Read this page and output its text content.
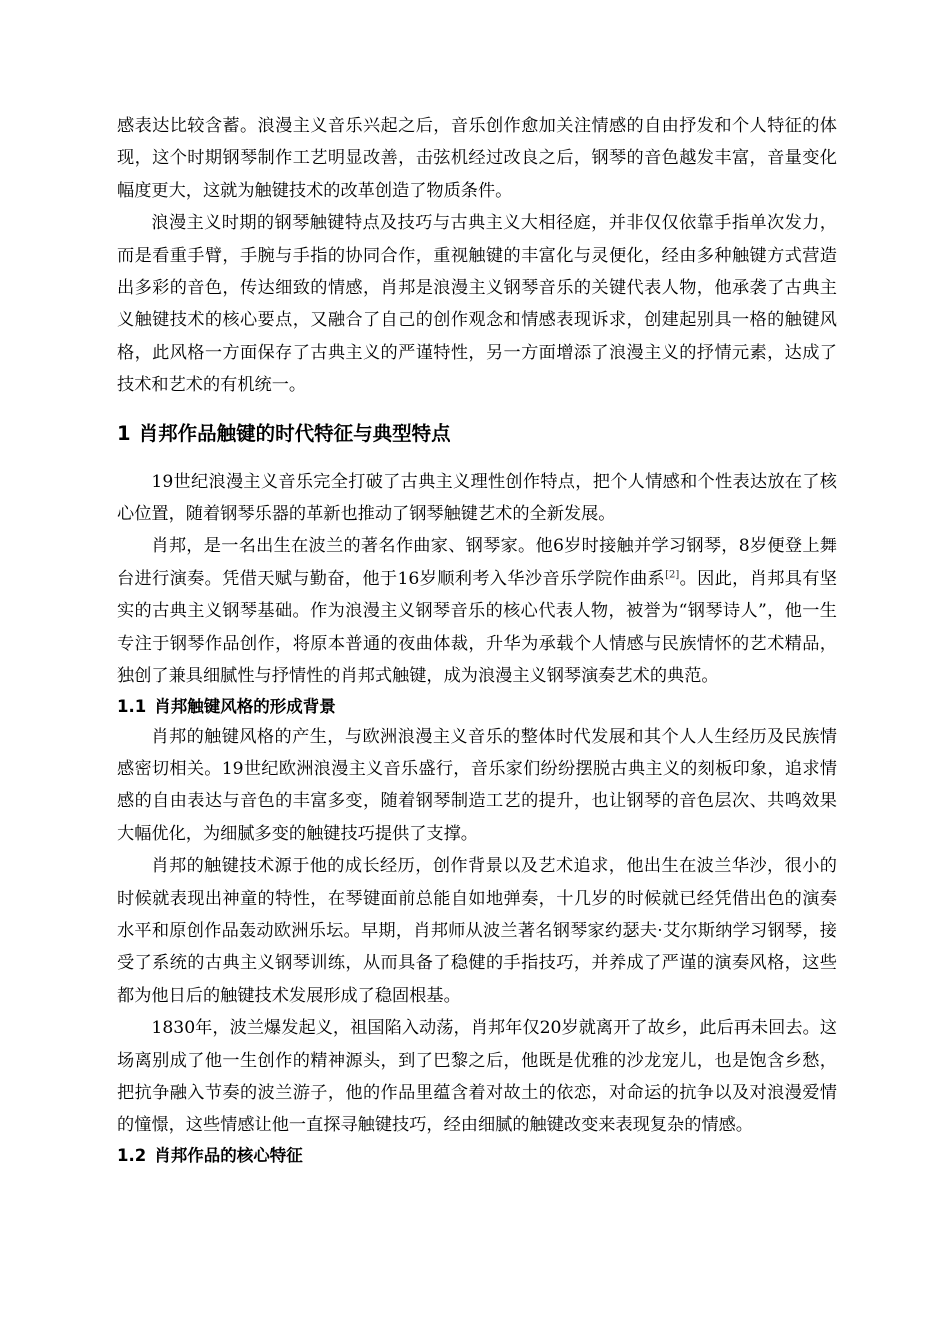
感表达比较含蓄。浪漫主义音乐兴起之后，音乐创作愈加关注情感的自由抒发和个人特征的体现，这个时期钢琴制作工艺明显改善，击弦机经过改良之后，钢琴的音色越发丰富，音量变化幅度更大，这就为触键技术的改革创造了物质条件。

浪漫主义时期的钢琴触键特点及技巧与古典主义大相径庭，并非仅仅依靠手指单次发力，而是看重手臂，手腕与手指的协同合作，重视触键的丰富化与灵便化，经由多种触键方式营造出多彩的音色，传达细致的情感，肖邦是浪漫主义钢琴音乐的关键代表人物，他承袭了古典主义触键技术的核心要点，又融合了自己的创作观念和情感表现诉求，创建起别具一格的触键风格，此风格一方面保存了古典主义的严谨特性，另一方面增添了浪漫主义的抒情元素，达成了技术和艺术的有机统一。

1 肖邦作品触键的时代特征与典型特点

19世纪浪漫主义音乐完全打破了古典主义理性创作特点，把个人情感和个性表达放在了核心位置，随着钢琴乐器的革新也推动了钢琴触键艺术的全新发展。

肖邦，是一名出生在波兰的著名作曲家、钢琴家。他6岁时接触并学习钢琴，8岁便登上舞台进行演奏。凭借天赋与勤奋，他于16岁顺利考入华沙音乐学院作曲系[2]。因此，肖邦具有坚实的古典主义钢琴基础。作为浪漫主义钢琴音乐的核心代表人物，被誉为“钢琴诗人”，他一生专注于钢琴作品创作，将原本普通的夜曲体裁，升华为承载个人情感与民族情怀的艺术精品，独创了兼具细腻性与抒情性的肖邦式触键，成为浪漫主义钢琴演奏艺术的典范。

1.1 肖邦触键风格的形成背景

肖邦的触键风格的产生，与欧洲浪漫主义音乐的整体时代发展和其个人人生经历及民族情感密切相关。19世纪欧洲浪漫主义音乐盛行，音乐家们纷纷摆脱古典主义的刻板印象，追求情感的自由表达与音色的丰富多变，随着钢琴制造工艺的提升，也让钢琴的音色层次、共鸣效果大幅优化，为细腻多变的触键技巧提供了支撑。

肖邦的触键技术源于他的成长经历，创作背景以及艺术追求，他出生在波兰华沙，很小的时候就表现出神童的特性，在琴键面前总能自如地弹奏，十几岁的时候就已经凭借出色的演奏水平和原创作品轰动欧洲乐坛。早期，肖邦师从波兰著名钢琴家约瑟夫·艾尔斯纳学习钢琴，接受了系统的古典主义钢琴训练，从而具备了稳健的手指技巧，并养成了严谨的演奏风格，这些都为他日后的触键技术发展形成了稳固根基。

1830年，波兰爆发起义，祖国陷入动荡，肖邦年仅20岁就离开了故乡，此后再未回去。这场离别成了他一生创作的精神源头，到了巴黎之后，他既是优雅的沙龙宠儿，也是饱含乡愁，把抗争融入节奏的波兰游子，他的作品里蕴含着对故土的依恋，对命运的抗争以及对浪漫爱情的憧憬，这些情感让他一直探寻触键技巧，经由细腻的触键改变来表现复杂的情感。

1.2 肖邦作品的核心特征
